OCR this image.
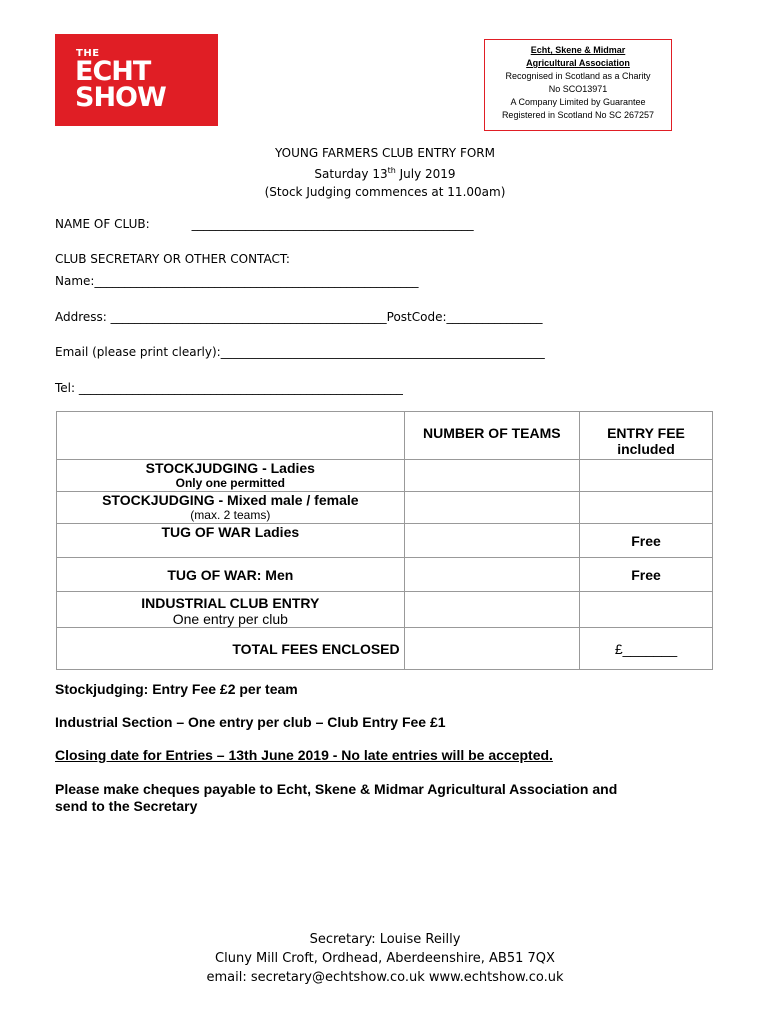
THE
ECHT
SHOW
Echt, Skene & Midmar
Agricultural Association
Recognised in Scotland as a Charity
No SCO13971
A Company Limited by Guarantee
Registered in Scotland No SC 267257
YOUNG FARMERS CLUB ENTRY FORM
Saturday 13th July 2019
(Stock Judging commences at 11.00am)
NAME OF CLUB:           _______________________________________________
CLUB SECRETARY OR OTHER CONTACT:
Name:______________________________________________________
Address: ______________________________________________PostCode:________________
Email (please print clearly):______________________________________________________
Tel: ______________________________________________________
	NUMBER OF TEAMS	ENTRY FEE included

STOCKJUDGING - Ladies
Only one permitted		

STOCKJUDGING - Mixed male / female
(max. 2 teams)		

TUG OF WAR Ladies		Free

TUG OF WAR: Men		Free

INDUSTRIAL CLUB ENTRY
One entry per club		

TOTAL FEES ENCLOSED		£_______
Stockjudging: Entry Fee £2 per team
Industrial Section – One entry per club – Club Entry Fee £1
Closing date for Entries – 13th June 2019 - No late entries will be accepted.
Please make cheques payable to Echt, Skene & Midmar Agricultural Association and
send to the Secretary
Secretary: Louise Reilly
Cluny Mill Croft, Ordhead, Aberdeenshire, AB51 7QX
email: secretary@echtshow.co.uk www.echtshow.co.uk
